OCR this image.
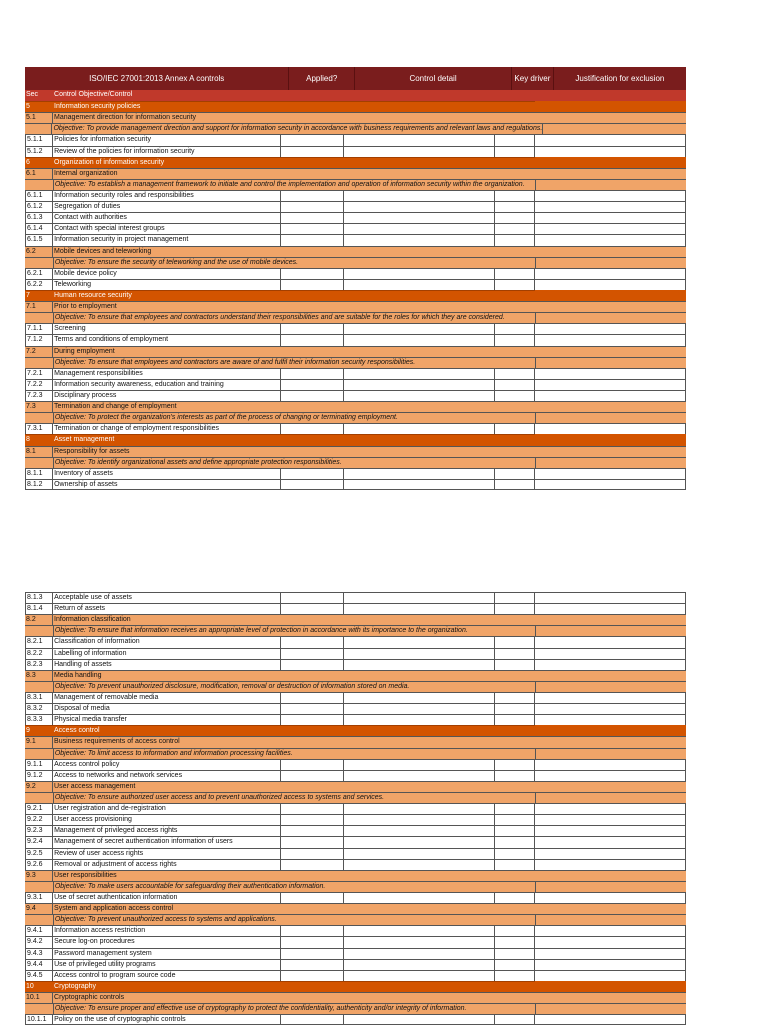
ISO/IEC 27001:2013 Annex A controls	Applied?	Control detail	Key driver	Justification for exclusion
Sec	Control Objective/Control
5	Information security policies
5.1	Management direction for information security
Objective: To provide management direction and support for information security in accordance with business requirements and relevant laws and regulations.
5.1.1	Policies for information security
5.1.2	Review of the policies for information security
6	Organization of information security
6.1	Internal organization
Objective: To establish a management framework to initiate and control the implementation and operation of information security within the organization.
6.1.1	Information security roles and responsibilities
6.1.2	Segregation of duties
6.1.3	Contact with authorities
6.1.4	Contact with special interest groups
6.1.5	Information security in project management
6.2	Mobile devices and teleworking
Objective: To ensure the security of teleworking and the use of mobile devices.
6.2.1	Mobile device policy
6.2.2	Teleworking
7	Human resource security
7.1	Prior to employment
Objective: To ensure that employees and contractors understand their responsibilities and are suitable for the roles for which they are considered.
7.1.1	Screening
7.1.2	Terms and conditions of employment
7.2	During employment
Objective: To ensure that employees and contractors are aware of and fulfil their information security responsibilities.
7.2.1	Management responsibilities
7.2.2	Information security awareness, education and training
7.2.3	Disciplinary process
7.3	Termination and change of employment
Objective: To protect the organization's interests as part of the process of changing or terminating employment.
7.3.1	Termination or change of employment responsibilities
8	Asset management
8.1	Responsibility for assets
Objective: To identify organizational assets and define appropriate protection responsibilities.
8.1.1	Inventory of assets
8.1.2	Ownership of assets
8.1.3	Acceptable use of assets
8.1.4	Return of assets
8.2	Information classification
Objective: To ensure that information receives an appropriate level of protection in accordance with its importance to the organization.
8.2.1	Classification of information
8.2.2	Labelling of information
8.2.3	Handling of assets
8.3	Media handling
Objective: To prevent unauthorized disclosure, modification, removal or destruction of information stored on media.
8.3.1	Management of removable media
8.3.2	Disposal of media
8.3.3	Physical media transfer
9	Access control
9.1	Business requirements of access control
Objective: To limit access to information and information processing facilities.
9.1.1	Access control policy
9.1.2	Access to networks and network services
9.2	User access management
Objective: To ensure authorized user access and to prevent unauthorized access to systems and services.
9.2.1	User registration and de-registration
9.2.2	User access provisioning
9.2.3	Management of privileged access rights
9.2.4	Management of secret authentication information of users
9.2.5	Review of user access rights
9.2.6	Removal or adjustment of access rights
9.3	User responsibilities
Objective: To make users accountable for safeguarding their authentication information.
9.3.1	Use of secret authentication information
9.4	System and application access control
Objective: To prevent unauthorized access to systems and applications.
9.4.1	Information access restriction
9.4.2	Secure log-on procedures
9.4.3	Password management system
9.4.4	Use of privileged utility programs
9.4.5	Access control to program source code
10	Cryptography
10.1	Cryptographic controls
Objective: To ensure proper and effective use of cryptography to protect the confidentiality, authenticity and/or integrity of information.
10.1.1	Policy on the use of cryptographic controls
